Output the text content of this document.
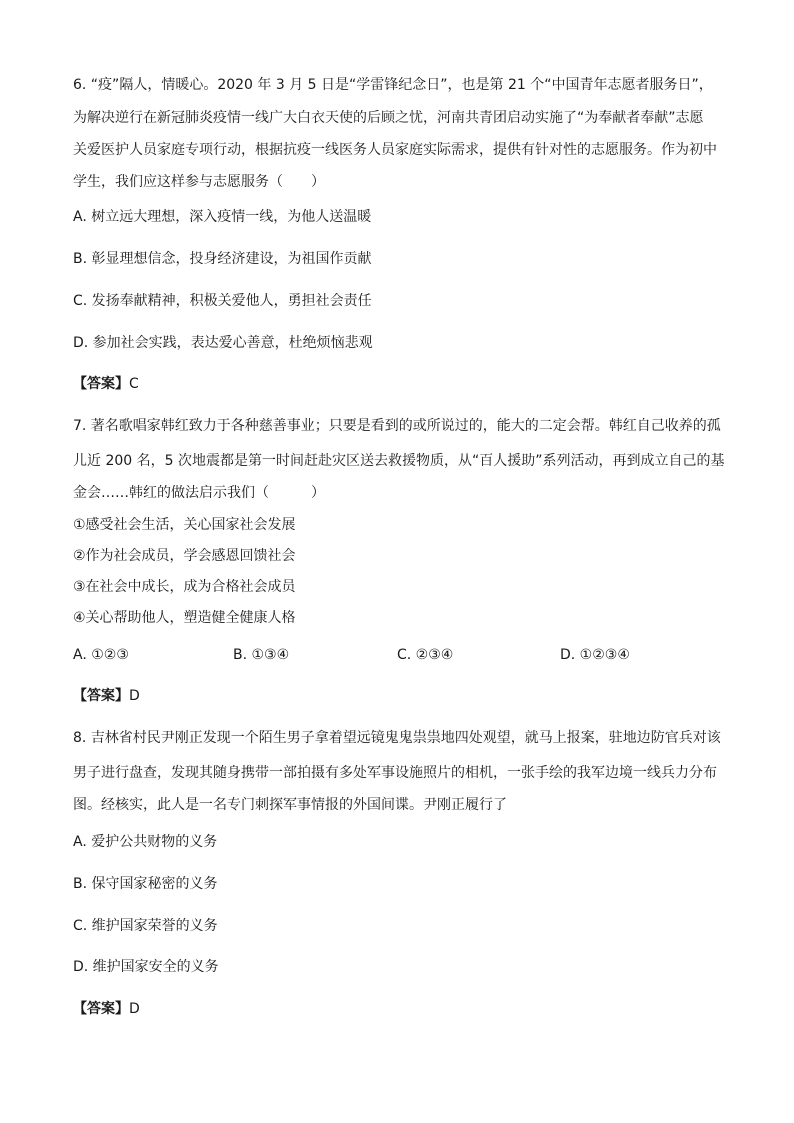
6. “疫”隔人，情暖心。2020 年 3 月 5 日是“学雷锋纪念日”，也是第 21 个“中国青年志愿者服务日”，
为解决逆行在新冠肺炎疫情一线广大白衣天使的后顾之忧，河南共青团启动实施了“为奉献者奉献”志愿
关爱医护人员家庭专项行动，根据抗疫一线医务人员家庭实际需求，提供有针对性的志愿服务。作为初中
学生，我们应这样参与志愿服务（　　）
A. 树立远大理想，深入疫情一线，为他人送温暖
B. 彰显理想信念，投身经济建设，为祖国作贡献
C. 发扬奉献精神，积极关爱他人，勇担社会责任
D. 参加社会实践，表达爱心善意，杜绝烦恼悲观
【答案】C
7. 著名歌唱家韩红致力于各种慈善事业；只要是看到的或所说过的，能大的二定会帮。韩红自己收养的孤
儿近 200 名，5 次地震都是第一时间赶赴灾区送去救援物质，从“百人援助”系列活动，再到成立自己的基
金会……韩红的做法启示我们（　　　）
①感受社会生活，关心国家社会发展
②作为社会成员，学会感恩回馈社会
③在社会中成长，成为合格社会成员
④关心帮助他人，塑造健全健康人格
A. ①②③	B. ①③④	C. ②③④	D. ①②③④
【答案】D
8. 吉林省村民尹刚正发现一个陌生男子拿着望远镜鬼鬼祟祟地四处观望，就马上报案，驻地边防官兵对该
男子进行盘查，发现其随身携带一部拍摄有多处军事设施照片的相机，一张手绘的我军边境一线兵力分布
图。经核实，此人是一名专门刺探军事情报的外国间谍。尹刚正履行了
A. 爱护公共财物的义务
B. 保守国家秘密的义务
C. 维护国家荣誉的义务
D. 维护国家安全的义务
【答案】D
